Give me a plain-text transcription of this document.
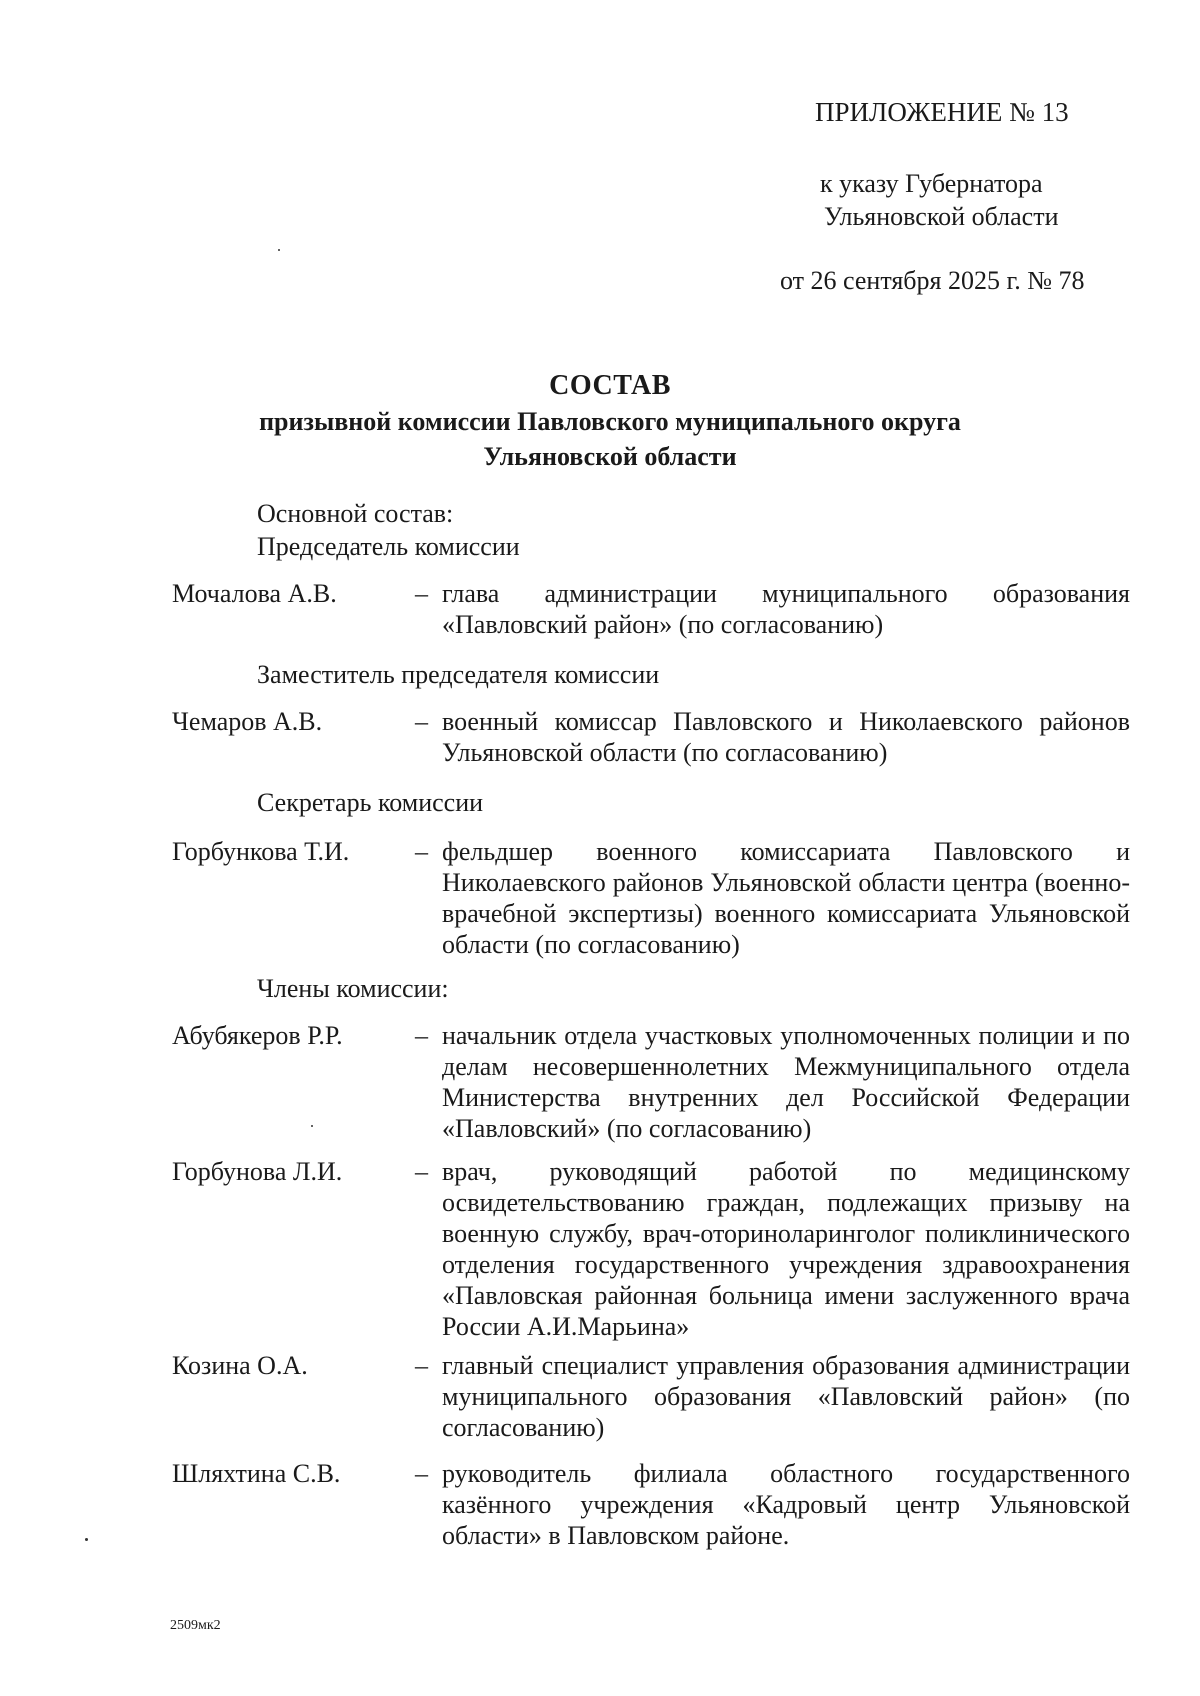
ПРИЛОЖЕНИЕ № 13
к указу Губернатора
Ульяновской области
от 26 сентября 2025 г. № 78
СОСТАВ
призывной комиссии Павловского муниципального округа
Ульяновской области
Основной состав:
Председатель комиссии
Мочалова А.В.	– глава администрации муниципального образования «Павловский район» (по согласованию)
Заместитель председателя комиссии
Чемаров А.В.	– военный комиссар Павловского и Николаевского районов Ульяновской области (по согласованию)
Секретарь комиссии
Горбункова Т.И.	– фельдшер военного комиссариата Павловского и Николаевского районов Ульяновской области центра (военно-врачебной экспертизы) военного комиссариата Ульяновской области (по согласованию)
Члены комиссии:
Абубякеров Р.Р.	– начальник отдела участковых уполномоченных полиции и по делам несовершеннолетних Межмуниципального отдела Министерства внутренних дел Российской Федерации «Павловский» (по согласованию)
Горбунова Л.И.	– врач, руководящий работой по медицинскому освидетельствованию граждан, подлежащих призыву на военную службу, врач-оториноларинголог поликлинического отделения государственного учреждения здравоохранения «Павловская районная больница имени заслуженного врача России А.И.Марьина»
Козина О.А.	– главный специалист управления образования администрации муниципального образования «Павловский район» (по согласованию)
Шляхтина С.В.	– руководитель филиала областного государственного казённого учреждения «Кадровый центр Ульяновской области» в Павловском районе.
2509мк2
